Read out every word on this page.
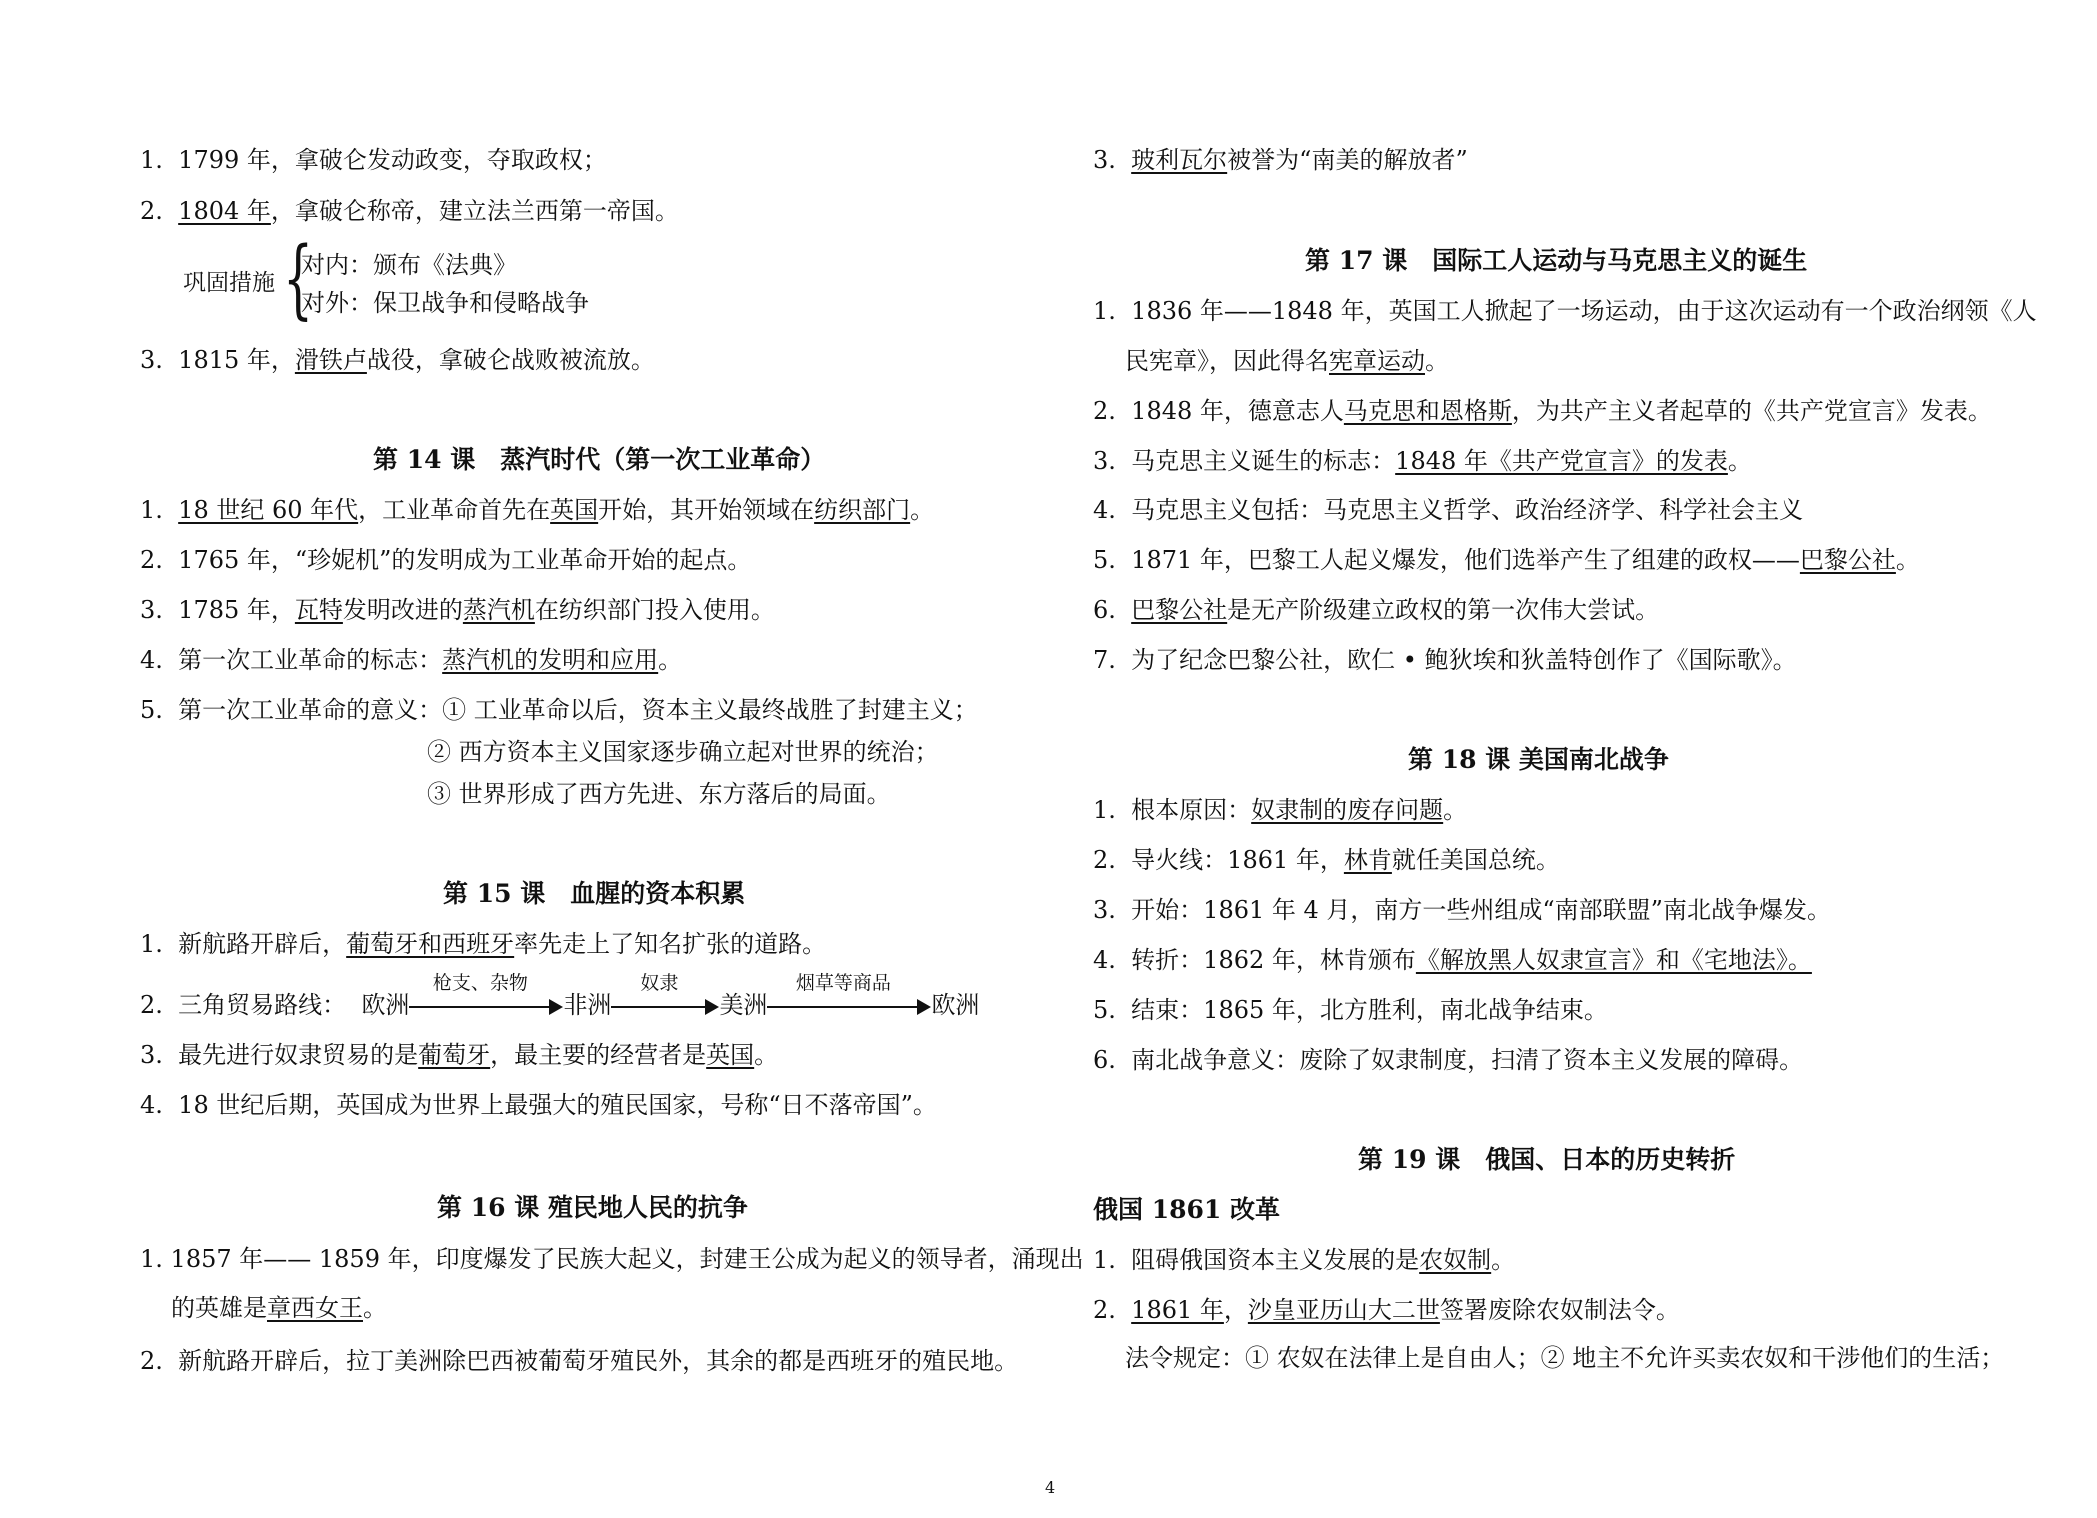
1. 1799 年，拿破仑发动政变，夺取政权；
2. 1804 年，拿破仑称帝，建立法兰西第一帝国。
巩固措施 {
对内：颁布《法典》
对外：保卫战争和侵略战争
3. 1815 年，滑铁卢战役，拿破仑战败被流放。
第 14 课　蒸汽时代（第一次工业革命）
1. 18 世纪 60 年代，工业革命首先在英国开始，其开始领域在纺织部门。
2. 1765 年，“珍妮机”的发明成为工业革命开始的起点。
3. 1785 年，瓦特发明改进的蒸汽机在纺织部门投入使用。
4. 第一次工业革命的标志：蒸汽机的发明和应用。
5. 第一次工业革命的意义：① 工业革命以后，资本主义最终战胜了封建主义；
② 西方资本主义国家逐步确立起对世界的统治；
③ 世界形成了西方先进、东方落后的局面。
第 15 课　血腥的资本积累
1. 新航路开辟后，葡萄牙和西班牙率先走上了知名扩张的道路。
2. 三角贸易路线： 欧洲
枪支、杂物
非洲
奴隶
美洲
烟草等商品
欧洲
3. 最先进行奴隶贸易的是葡萄牙，最主要的经营者是英国。
4. 18 世纪后期，英国成为世界上最强大的殖民国家，号称“日不落帝国”。
第 16 课 殖民地人民的抗争
1. 1857 年—— 1859 年，印度爆发了民族大起义，封建王公成为起义的领导者，涌现出
的英雄是章西女王。
2. 新航路开辟后，拉丁美洲除巴西被葡萄牙殖民外，其余的都是西班牙的殖民地。
3. 玻利瓦尔被誉为“南美的解放者”
第 17 课　国际工人运动与马克思主义的诞生
1. 1836 年——1848 年，英国工人掀起了一场运动，由于这次运动有一个政治纲领《人
民宪章》，因此得名宪章运动。
2. 1848 年，德意志人马克思和恩格斯，为共产主义者起草的《共产党宣言》发表。
3. 马克思主义诞生的标志：1848 年《共产党宣言》的发表。
4. 马克思主义包括：马克思主义哲学、政治经济学、科学社会主义
5. 1871 年，巴黎工人起义爆发，他们选举产生了组建的政权——巴黎公社。
6. 巴黎公社是无产阶级建立政权的第一次伟大尝试。
7. 为了纪念巴黎公社，欧仁 • 鲍狄埃和狄盖特创作了《国际歌》。
第 18 课 美国南北战争
1. 根本原因：奴隶制的废存问题。
2. 导火线：1861 年，林肯就任美国总统。
3. 开始：1861 年 4 月，南方一些州组成“南部联盟”南北战争爆发。
4. 转折：1862 年，林肯颁布《解放黑人奴隶宣言》和《宅地法》。
5. 结束：1865 年，北方胜利，南北战争结束。
6. 南北战争意义：废除了奴隶制度，扫清了资本主义发展的障碍。
第 19 课　俄国、日本的历史转折
俄国 1861 改革
1. 阻碍俄国资本主义发展的是农奴制。
2. 1861 年，沙皇亚历山大二世签署废除农奴制法令。
法令规定：① 农奴在法律上是自由人；② 地主不允许买卖农奴和干涉他们的生活；
4
